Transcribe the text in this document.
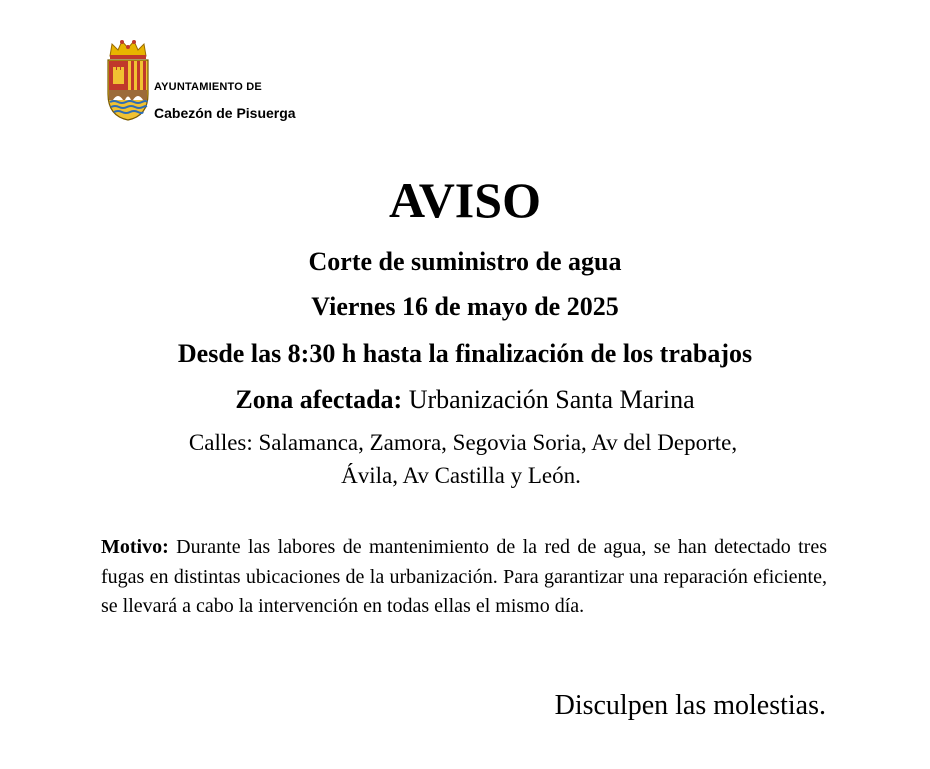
AYUNTAMIENTO DE
Cabezón de Pisuerga
AVISO
Corte de suministro de agua
Viernes 16 de mayo de 2025
Desde las 8:30 h hasta la finalización de los trabajos
Zona afectada: Urbanización Santa Marina
Calles: Salamanca, Zamora, Segovia Soria, Av del Deporte,
Ávila, Av Castilla y León.
Motivo: Durante las labores de mantenimiento de la red de agua, se han detectado tres fugas en distintas ubicaciones de la urbanización. Para garantizar una reparación eficiente, se llevará a cabo la intervención en todas ellas el mismo día.
Disculpen las molestias.
